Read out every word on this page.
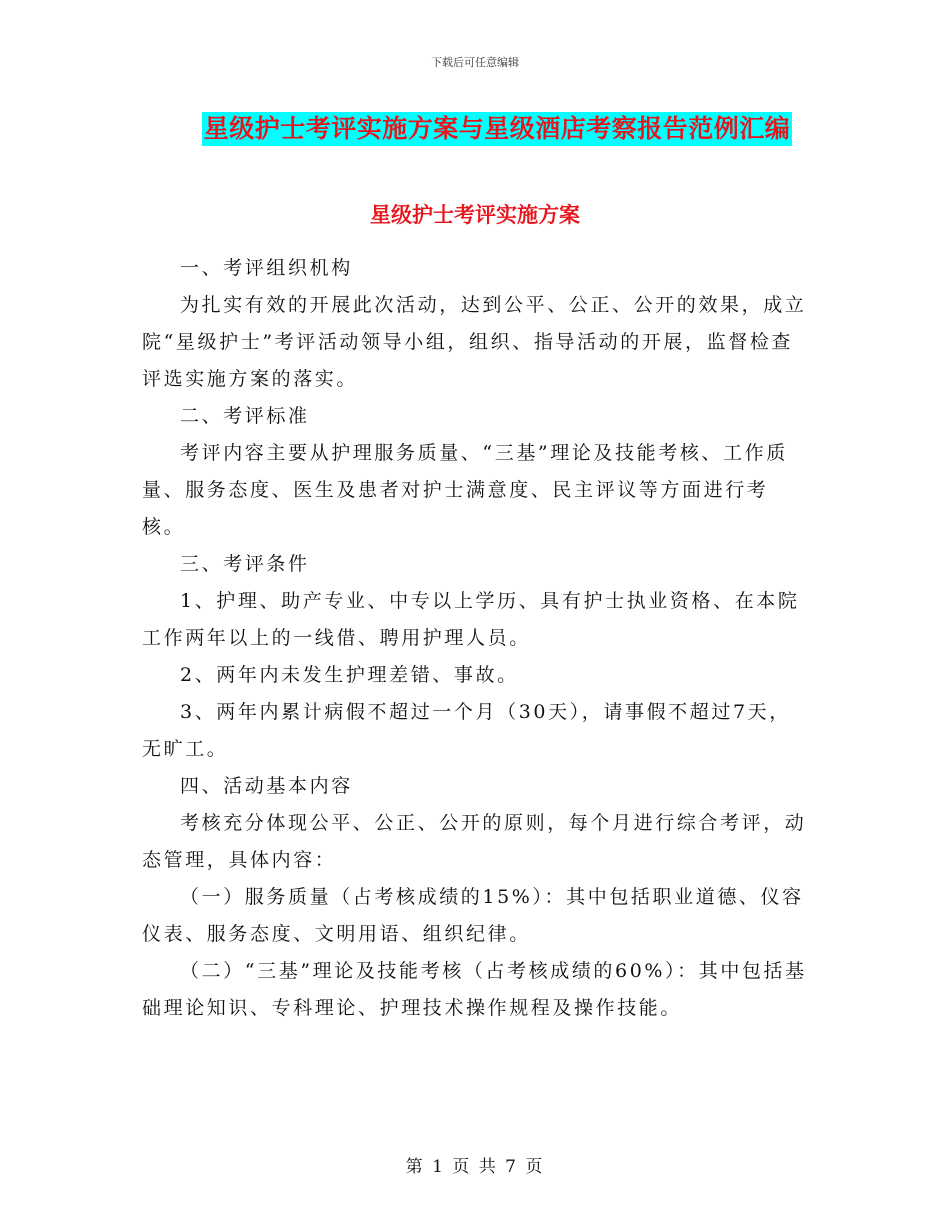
下载后可任意编辑
星级护士考评实施方案与星级酒店考察报告范例汇编
星级护士考评实施方案

一、考评组织机构

为扎实有效的开展此次活动，达到公平、公正、公开的效果，成立院“星级护士”考评活动领导小组，组织、指导活动的开展，监督检查评选实施方案的落实。

二、考评标准

考评内容主要从护理服务质量、“三基”理论及技能考核、工作质量、服务态度、医生及患者对护士满意度、民主评议等方面进行考核。

三、考评条件

1、护理、助产专业、中专以上学历、具有护士执业资格、在本院工作两年以上的一线借、聘用护理人员。

2、两年内未发生护理差错、事故。

3、两年内累计病假不超过一个月（30天），请事假不超过7天，无旷工。

四、活动基本内容

考核充分体现公平、公正、公开的原则，每个月进行综合考评，动态管理，具体内容：

（一）服务质量（占考核成绩的15%）：其中包括职业道德、仪容仪表、服务态度、文明用语、组织纪律。

（二）“三基”理论及技能考核（占考核成绩的60%）：其中包括基础理论知识、专科理论、护理技术操作规程及操作技能。

第 1 页 共 7 页
